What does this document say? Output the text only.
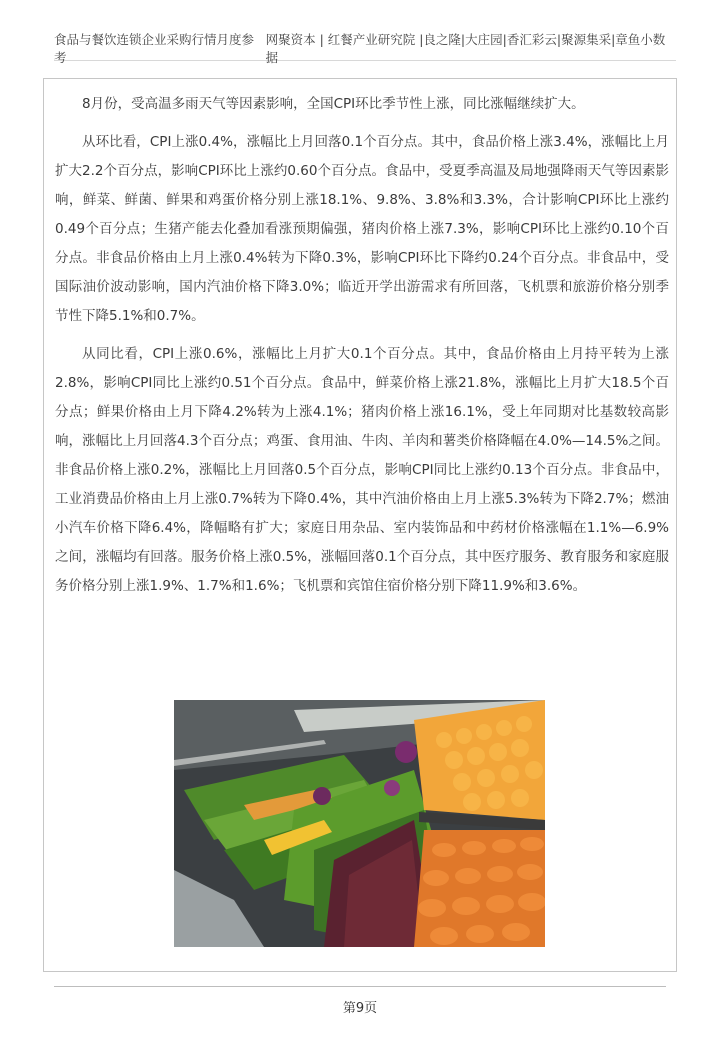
食品与餐饮连锁企业采购行情月度参考
网聚资本 | 红餐产业研究院 |良之隆|大庄园|香汇彩云|聚源集采|章鱼小数据

8月份，受高温多雨天气等因素影响，全国CPI环比季节性上涨，同比涨幅继续扩大。

从环比看，CPI上涨0.4%，涨幅比上月回落0.1个百分点。其中，食品价格上涨3.4%，涨幅比上月扩大2.2个百分点，影响CPI环比上涨约0.60个百分点。食品中，受夏季高温及局地强降雨天气等因素影响，鲜菜、鲜菌、鲜果和鸡蛋价格分别上涨18.1%、9.8%、3.8%和3.3%，合计影响CPI环比上涨约0.49个百分点；生猪产能去化叠加看涨预期偏强，猪肉价格上涨7.3%，影响CPI环比上涨约0.10个百分点。非食品价格由上月上涨0.4%转为下降0.3%，影响CPI环比下降约0.24个百分点。非食品中，受国际油价波动影响，国内汽油价格下降3.0%；临近开学出游需求有所回落，飞机票和旅游价格分别季节性下降5.1%和0.7%。

从同比看，CPI上涨0.6%，涨幅比上月扩大0.1个百分点。其中，食品价格由上月持平转为上涨2.8%，影响CPI同比上涨约0.51个百分点。食品中，鲜菜价格上涨21.8%，涨幅比上月扩大18.5个百分点；鲜果价格由上月下降4.2%转为上涨4.1%；猪肉价格上涨16.1%，受上年同期对比基数较高影响，涨幅比上月回落4.3个百分点；鸡蛋、食用油、牛肉、羊肉和薯类价格降幅在4.0%—14.5%之间。非食品价格上涨0.2%，涨幅比上月回落0.5个百分点，影响CPI同比上涨约0.13个百分点。非食品中，工业消费品价格由上月上涨0.7%转为下降0.4%，其中汽油价格由上月上涨5.3%转为下降2.7%；燃油小汽车价格下降6.4%，降幅略有扩大；家庭日用杂品、室内装饰品和中药材价格涨幅在1.1%—6.9%之间，涨幅均有回落。服务价格上涨0.5%，涨幅回落0.1个百分点，其中医疗服务、教育服务和家庭服务价格分别上涨1.9%、1.7%和1.6%；飞机票和宾馆住宿价格分别下降11.9%和3.6%。

第9页
